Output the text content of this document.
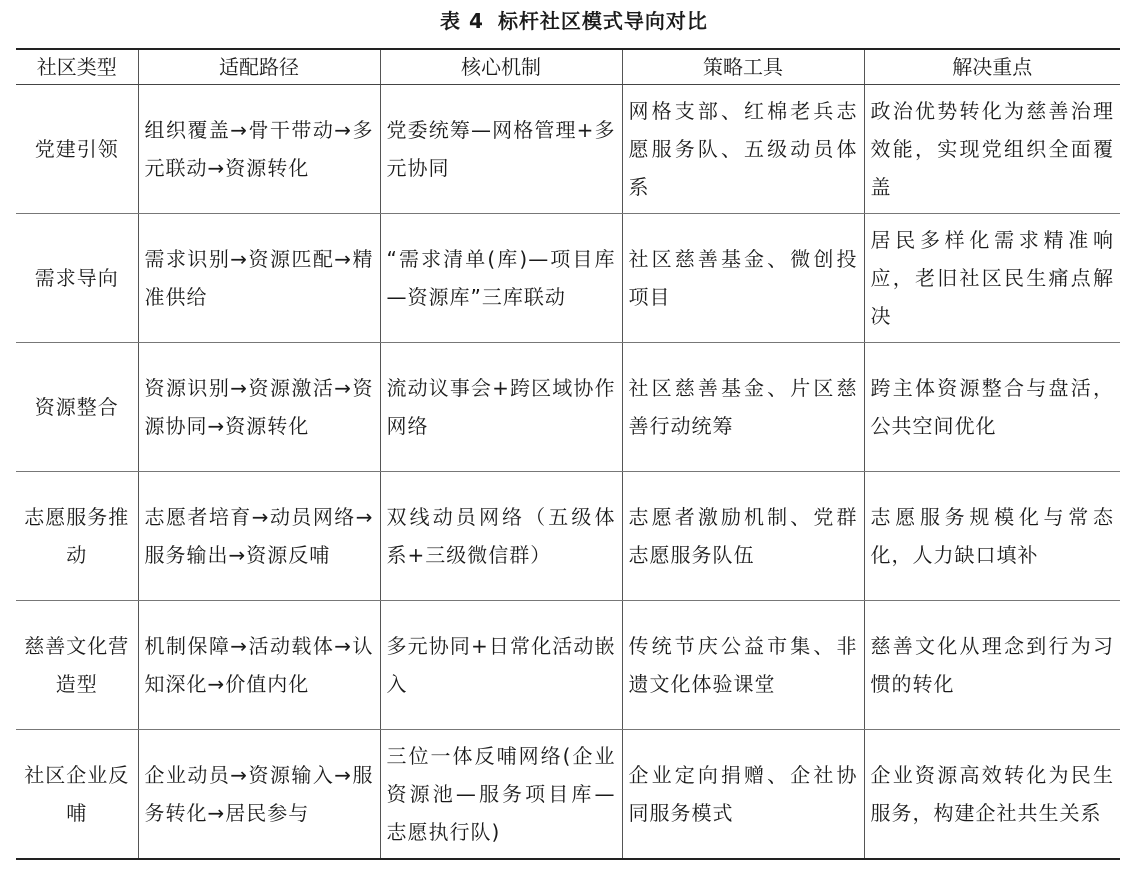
表 4 标杆社区模式导向对比
社区类型	适配路径	核心机制	策略工具	解决重点
党建引领	组织覆盖→骨干带动→多元联动→资源转化	党委统筹—网格管理+多元协同	网格支部、红棉老兵志愿服务队、五级动员体系	政治优势转化为慈善治理效能，实现党组织全面覆盖
需求导向	需求识别→资源匹配→精准供给	“需求清单(库)—项目库—资源库”三库联动	社区慈善基金、微创投项目	居民多样化需求精准响应，老旧社区民生痛点解决
资源整合	资源识别→资源激活→资源协同→资源转化	流动议事会+跨区域协作网络	社区慈善基金、片区慈善行动统筹	跨主体资源整合与盘活，公共空间优化
志愿服务推动	志愿者培育→动员网络→服务输出→资源反哺	双线动员网络（五级体系+三级微信群）	志愿者激励机制、党群志愿服务队伍	志愿服务规模化与常态化，人力缺口填补
慈善文化营造型	机制保障→活动载体→认知深化→价值内化	多元协同+日常化活动嵌入	传统节庆公益市集、非遗文化体验课堂	慈善文化从理念到行为习惯的转化
社区企业反哺	企业动员→资源输入→服务转化→居民参与	三位一体反哺网络(企业资源池—服务项目库—志愿执行队)	企业定向捐赠、企社协同服务模式	企业资源高效转化为民生服务，构建企社共生关系
